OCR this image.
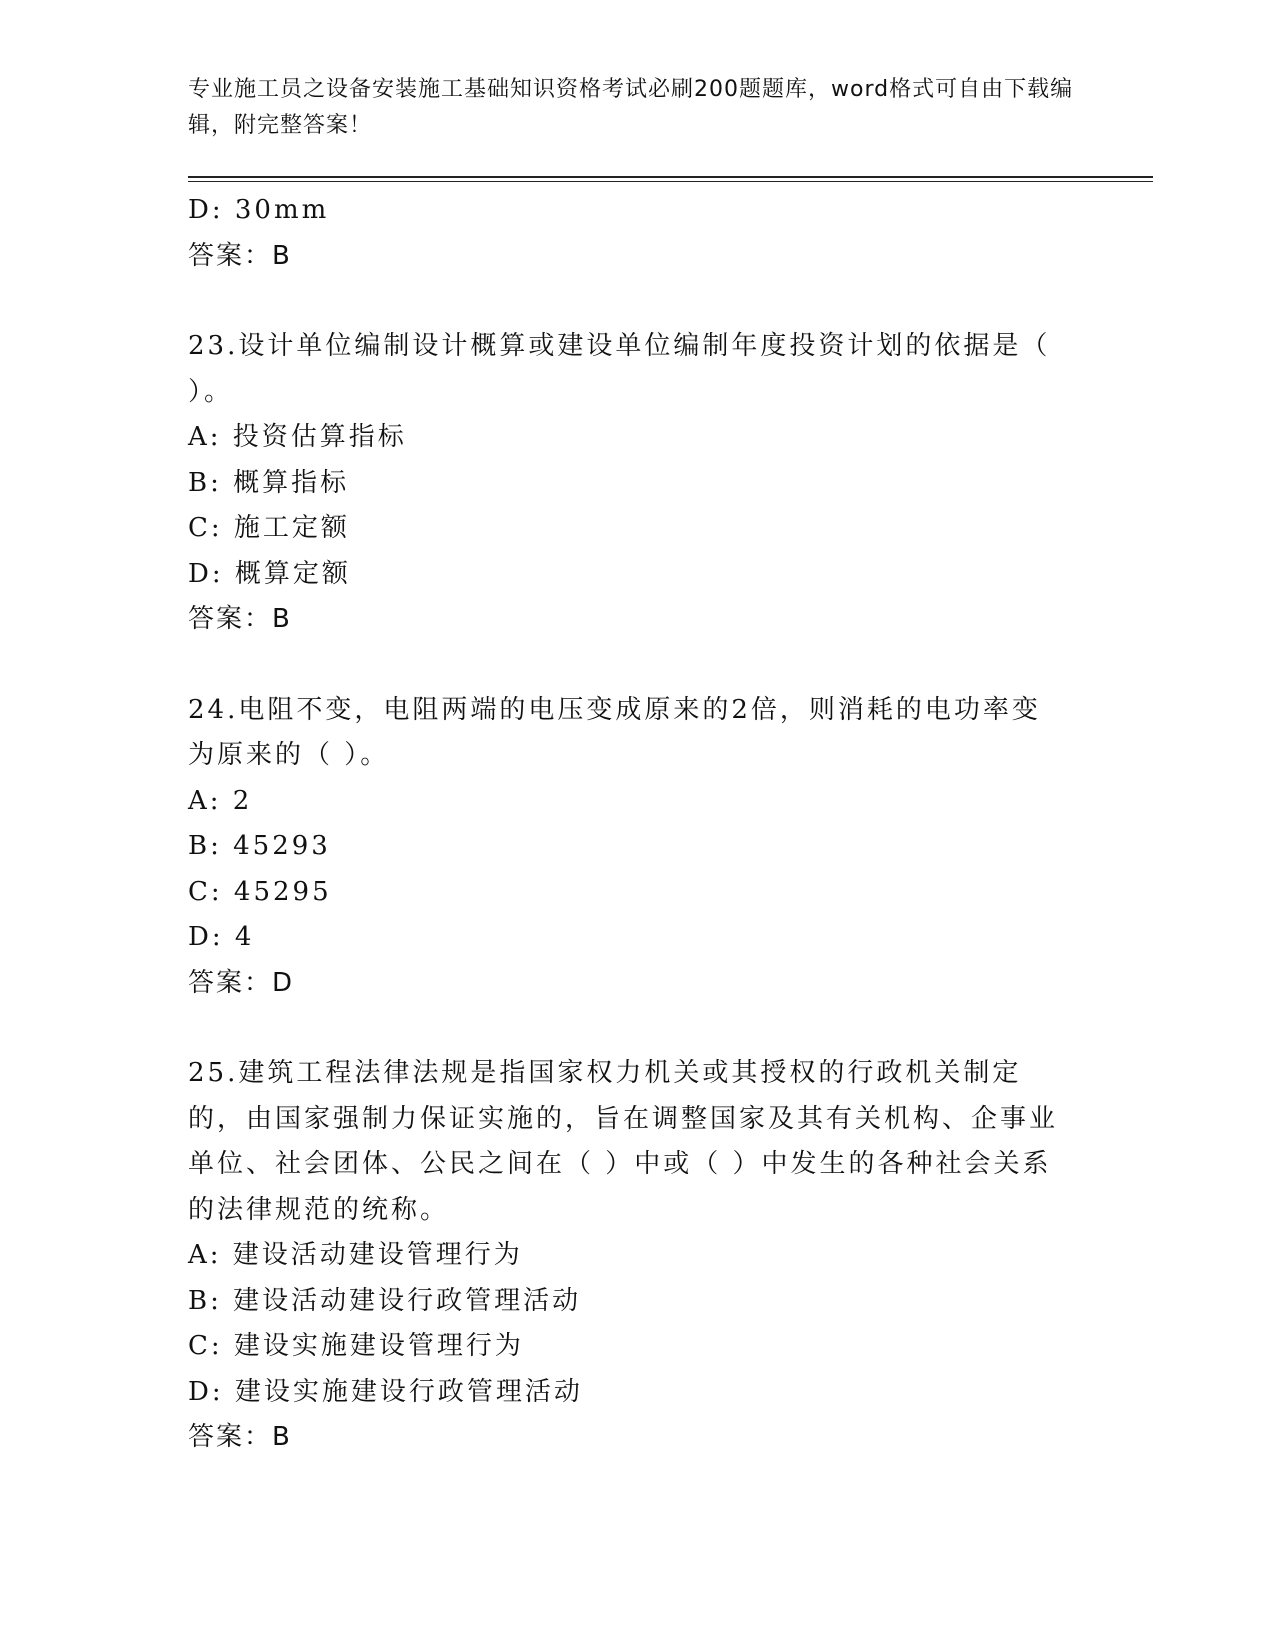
专业施工员之设备安装施工基础知识资格考试必刷200题题库，word格式可自由下载编辑，附完整答案！
D: 30mm
答案：B
23.设计单位编制设计概算或建设单位编制年度投资计划的依据是（ ）。
A: 投资估算指标
B: 概算指标
C: 施工定额
D: 概算定额
答案：B
24.电阻不变，电阻两端的电压变成原来的2倍，则消耗的电功率变为原来的（ ）。
A: 2
B: 45293
C: 45295
D: 4
答案：D
25.建筑工程法律法规是指国家权力机关或其授权的行政机关制定的，由国家强制力保证实施的，旨在调整国家及其有关机构、企事业单位、社会团体、公民之间在（ ）中或（ ）中发生的各种社会关系的法律规范的统称。
A: 建设活动建设管理行为
B: 建设活动建设行政管理活动
C: 建设实施建设管理行为
D: 建设实施建设行政管理活动
答案：B
